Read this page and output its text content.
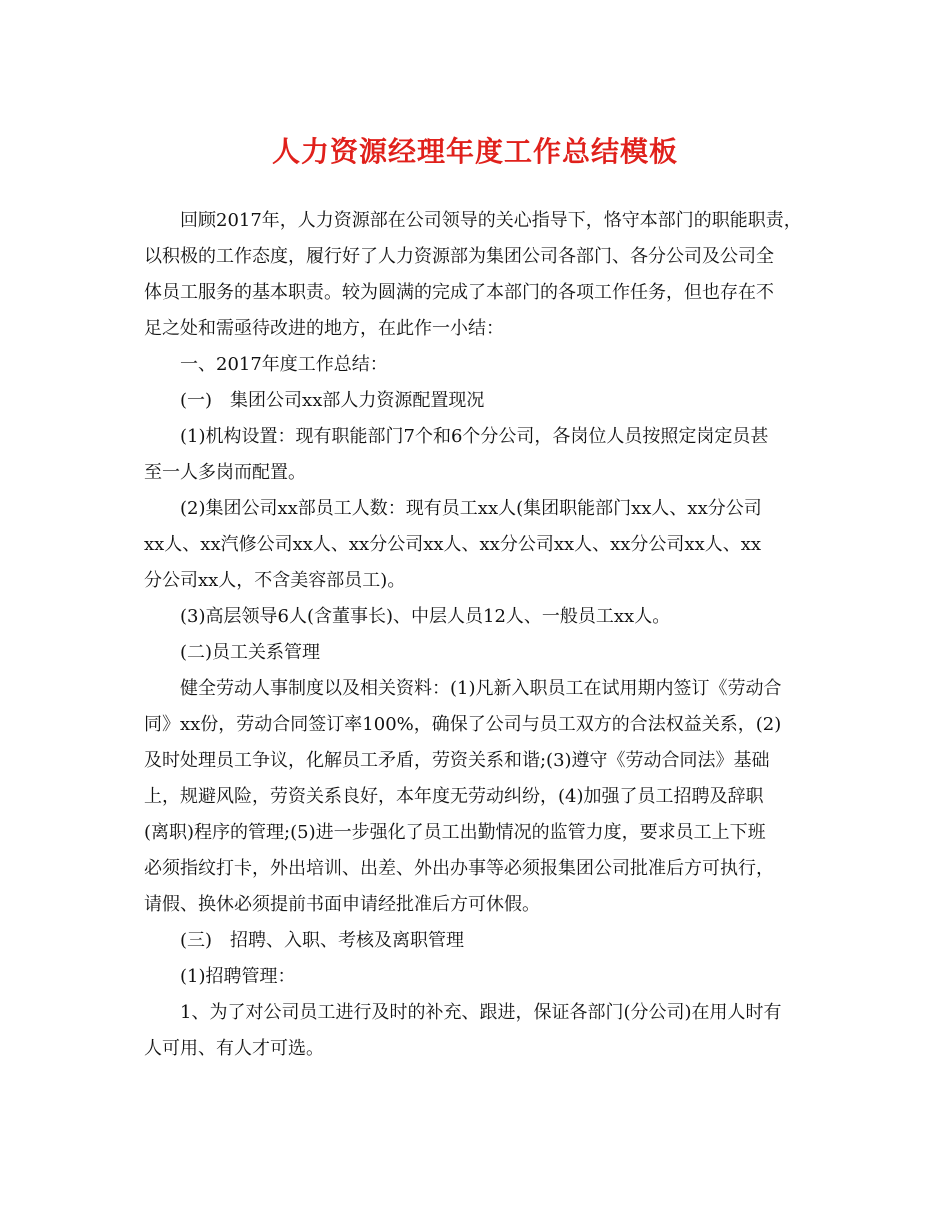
人力资源经理年度工作总结模板
回顾2017年，人力资源部在公司领导的关心指导下，恪守本部门的职能职责，
以积极的工作态度，履行好了人力资源部为集团公司各部门、各分公司及公司全
体员工服务的基本职责。较为圆满的完成了本部门的各项工作任务，但也存在不
足之处和需亟待改进的地方，在此作一小结：
一、2017年度工作总结：
(一)　集团公司xx部人力资源配置现况
(1)机构设置：现有职能部门7个和6个分公司，各岗位人员按照定岗定员甚
至一人多岗而配置。
(2)集团公司xx部员工人数：现有员工xx人(集团职能部门xx人、xx分公司
xx人、xx汽修公司xx人、xx分公司xx人、xx分公司xx人、xx分公司xx人、xx
分公司xx人，不含美容部员工)。
(3)高层领导6人(含董事长)、中层人员12人、一般员工xx人。
(二)员工关系管理
健全劳动人事制度以及相关资料：(1)凡新入职员工在试用期内签订《劳动合
同》xx份，劳动合同签订率100%，确保了公司与员工双方的合法权益关系，(2)
及时处理员工争议，化解员工矛盾，劳资关系和谐;(3)遵守《劳动合同法》基础
上，规避风险，劳资关系良好，本年度无劳动纠纷，(4)加强了员工招聘及辞职
(离职)程序的管理;(5)进一步强化了员工出勤情况的监管力度，要求员工上下班
必须指纹打卡，外出培训、出差、外出办事等必须报集团公司批准后方可执行，
请假、换休必须提前书面申请经批准后方可休假。
(三)　招聘、入职、考核及离职管理
(1)招聘管理：
1、为了对公司员工进行及时的补充、跟进，保证各部门(分公司)在用人时有
人可用、有人才可选。
